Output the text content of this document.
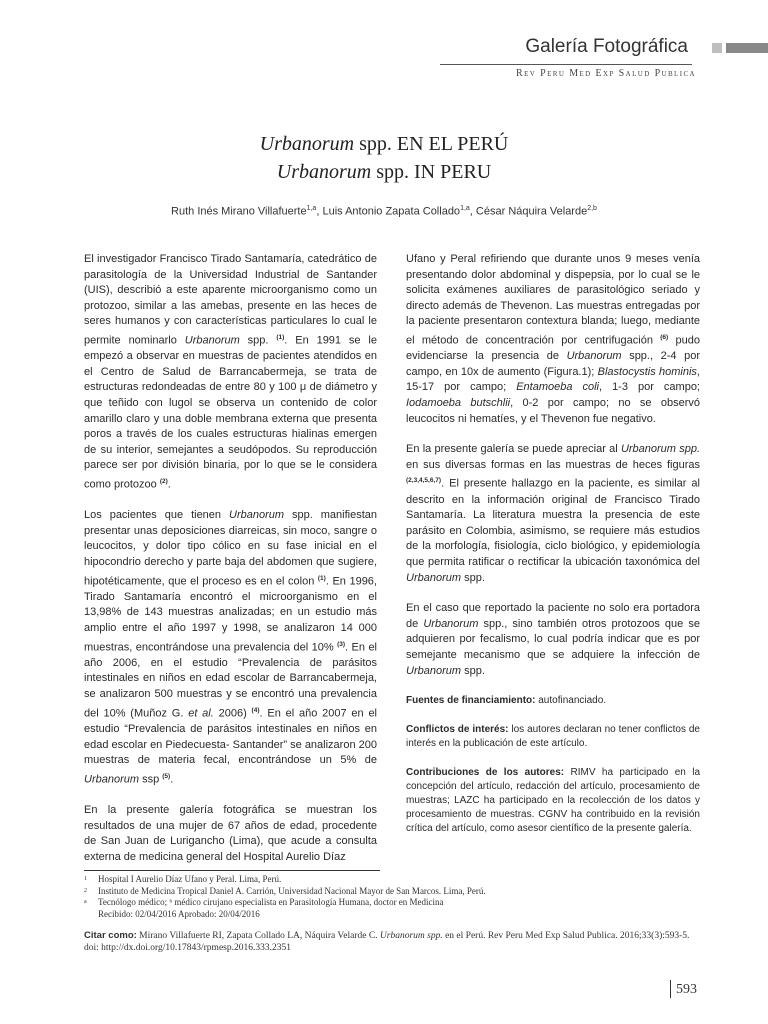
Galería Fotográfica
Rev Peru Med Exp Salud Publica
Urbanorum spp. EN EL PERÚ
Urbanorum spp. IN PERU
Ruth Inés Mirano Villafuerte$^{1,a}$, Luis Antonio Zapata Collado$^{1,a}$, César Náquira Velarde$^{2,b}$

El investigador Francisco Tirado Santamaría, catedrático de parasitología de la Universidad Industrial de Santander (UIS), describió a este aparente microorganismo como un protozoo, similar a las amebas, presente en las heces de seres humanos y con características particulares lo cual le permite nominarlo Urbanorum spp. $^{(1)}$. En 1991 se le empezó a observar en muestras de pacientes atendidos en el Centro de Salud de Barrancabermeja, se trata de estructuras redondeadas de entre 80 y 100 μ de diámetro y que teñido con lugol se observa un contenido de color amarillo claro y una doble membrana externa que presenta poros a través de los cuales estructuras hialinas emergen de su interior, semejantes a seudópodos. Su reproducción parece ser por división binaria, por lo que se le considera como protozoo $^{(2)}$.

Los pacientes que tienen Urbanorum spp. manifiestan presentar unas deposiciones diarreicas, sin moco, sangre o leucocitos, y dolor tipo cólico en su fase inicial en el hipocondrio derecho y parte baja del abdomen que sugiere, hipotéticamente, que el proceso es en el colon $^{(1)}$. En 1996, Tirado Santamaría encontró el microorganismo en el 13,98% de 143 muestras analizadas; en un estudio más amplio entre el año 1997 y 1998, se analizaron 14 000 muestras, encontrándose una prevalencia del 10% $^{(3)}$. En el año 2006, en el estudio “Prevalencia de parásitos intestinales en niños en edad escolar de Barrancabermeja, se analizaron 500 muestras y se encontró una prevalencia del 10% (Muñoz G. et al. 2006) $^{(4)}$. En el año 2007 en el estudio “Prevalencia de parásitos intestinales en niños en edad escolar en Piedecuesta- Santander” se analizaron 200 muestras de materia fecal, encontrándose un 5% de Urbanorum ssp $^{(5)}$.

En la presente galería fotográfica se muestran los resultados de una mujer de 67 años de edad, procedente de San Juan de Lurigancho (Lima), que acude a consulta externa de medicina general del Hospital Aurelio Díaz

Ufano y Peral refiriendo que durante unos 9 meses venía presentando dolor abdominal y dispepsia, por lo cual se le solicita exámenes auxiliares de parasitológico seriado y directo además de Thevenon. Las muestras entregadas por la paciente presentaron contextura blanda; luego, mediante el método de concentración por centrifugación $^{(6)}$ pudo evidenciarse la presencia de Urbanorum spp., 2-4 por campo, en 10x de aumento (Figura.1); Blastocystis hominis, 15-17 por campo; Entamoeba coli, 1-3 por campo; Iodamoeba butschlii, 0-2 por campo; no se observó leucocitos ni hematíes, y el Thevenon fue negativo.

En la presente galería se puede apreciar al Urbanorum spp. en sus diversas formas en las muestras de heces figuras $^{(2,3,4,5,6,7)}$. El presente hallazgo en la paciente, es similar al descrito en la información original de Francisco Tirado Santamaría. La literatura muestra la presencia de este parásito en Colombia, asimismo, se requiere más estudios de la morfología, fisiología, ciclo biológico, y epidemiología que permita ratificar o rectificar la ubicación taxonómica del Urbanorum spp.

En el caso que reportado la paciente no solo era portadora de Urbanorum spp., sino también otros protozoos que se adquieren por fecalismo, lo cual podría indicar que es por semejante mecanismo que se adquiere la infección de Urbanorum spp.

Fuentes de financiamiento: autofinanciado.

Conflictos de interés: los autores declaran no tener conflictos de interés en la publicación de este artículo.

Contribuciones de los autores: RIMV ha participado en la concepción del artículo, redacción del artículo, procesamiento de muestras; LAZC ha participado en la recolección de los datos y procesamiento de muestras. CGNV ha contribuido en la revisión crítica del artículo, como asesor científico de la presente galería.

1	Hospital I Aurelio Díaz Ufano y Peral. Lima, Perú.
2	Instituto de Medicina Tropical Daniel A. Carrión, Universidad Nacional Mayor de San Marcos. Lima, Perú.
a	Tecnólogo médico; ᵇ médico cirujano especialista en Parasitología Humana, doctor en Medicina
Recibido: 02/04/2016 Aprobado: 20/04/2016
Citar como: Mirano Villafuerte RI, Zapata Collado LA, Náquira Velarde C. Urbanorum spp. en el Perú. Rev Peru Med Exp Salud Publica. 2016;33(3):593-5.
doi: http://dx.doi.org/10.17843/rpmesp.2016.333.2351
593
